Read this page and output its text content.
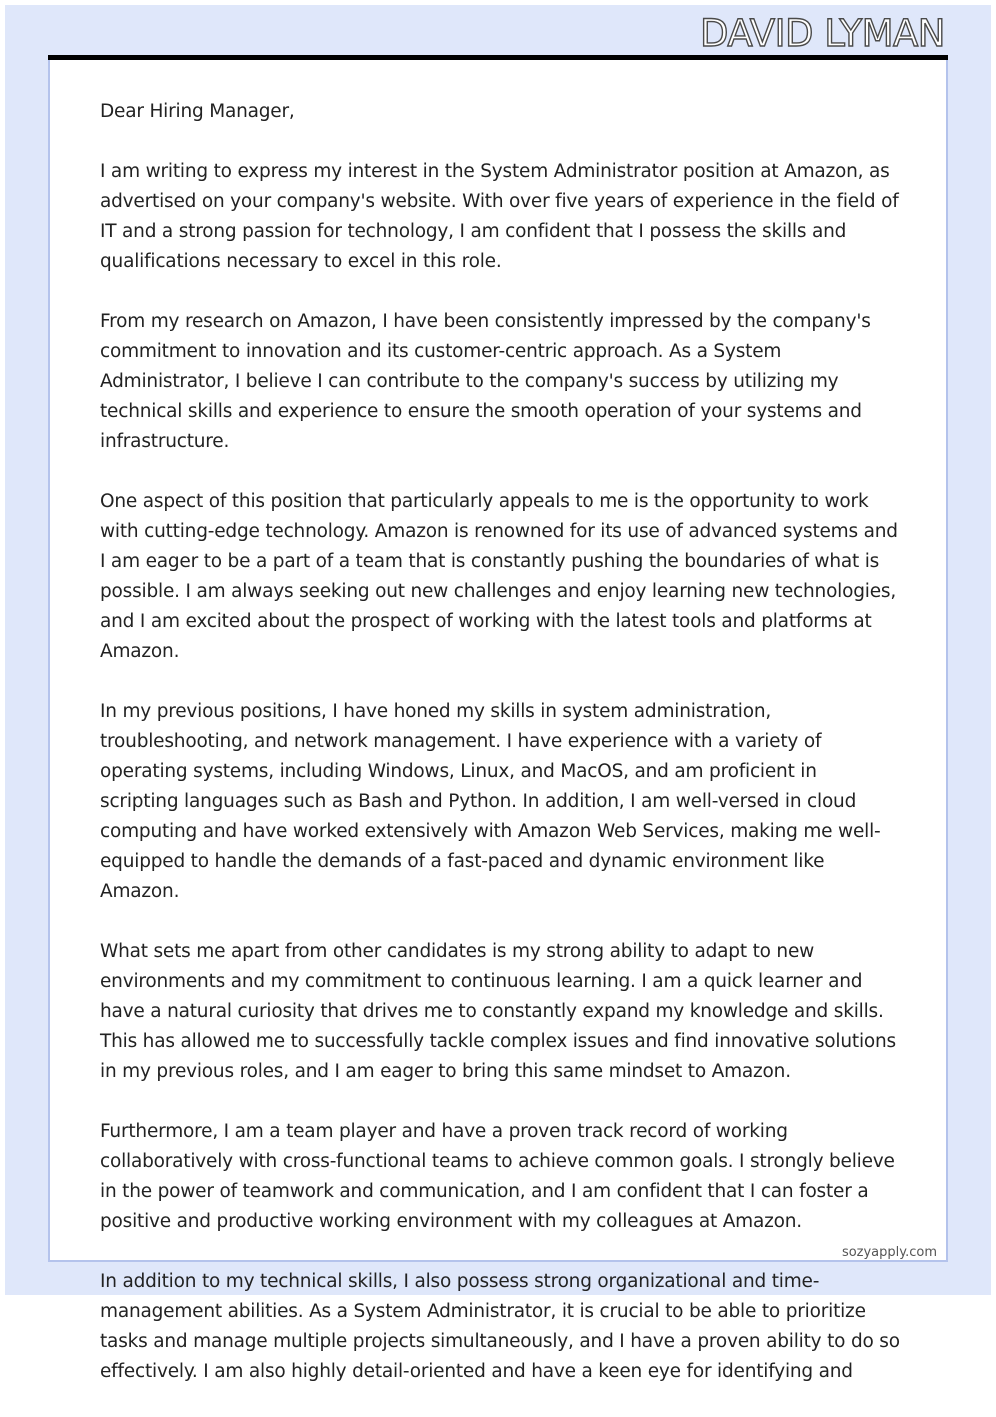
DAVID LYMAN

Dear Hiring Manager,

I am writing to express my interest in the System Administrator position at Amazon, as advertised on your company's website. With over five years of experience in the field of IT and a strong passion for technology, I am confident that I possess the skills and qualifications necessary to excel in this role.

From my research on Amazon, I have been consistently impressed by the company's commitment to innovation and its customer-centric approach. As a System Administrator, I believe I can contribute to the company's success by utilizing my technical skills and experience to ensure the smooth operation of your systems and infrastructure.

One aspect of this position that particularly appeals to me is the opportunity to work with cutting-edge technology. Amazon is renowned for its use of advanced systems and I am eager to be a part of a team that is constantly pushing the boundaries of what is possible. I am always seeking out new challenges and enjoy learning new technologies, and I am excited about the prospect of working with the latest tools and platforms at Amazon.

In my previous positions, I have honed my skills in system administration, troubleshooting, and network management. I have experience with a variety of operating systems, including Windows, Linux, and MacOS, and am proficient in scripting languages such as Bash and Python. In addition, I am well-versed in cloud computing and have worked extensively with Amazon Web Services, making me well-equipped to handle the demands of a fast-paced and dynamic environment like Amazon.

What sets me apart from other candidates is my strong ability to adapt to new environments and my commitment to continuous learning. I am a quick learner and have a natural curiosity that drives me to constantly expand my knowledge and skills. This has allowed me to successfully tackle complex issues and find innovative solutions in my previous roles, and I am eager to bring this same mindset to Amazon.

Furthermore, I am a team player and have a proven track record of working collaboratively with cross-functional teams to achieve common goals. I strongly believe in the power of teamwork and communication, and I am confident that I can foster a positive and productive working environment with my colleagues at Amazon.

In addition to my technical skills, I also possess strong organizational and time-management abilities. As a System Administrator, it is crucial to be able to prioritize tasks and manage multiple projects simultaneously, and I have a proven ability to do so effectively. I am also highly detail-oriented and have a keen eye for identifying and

sozyapply.com
